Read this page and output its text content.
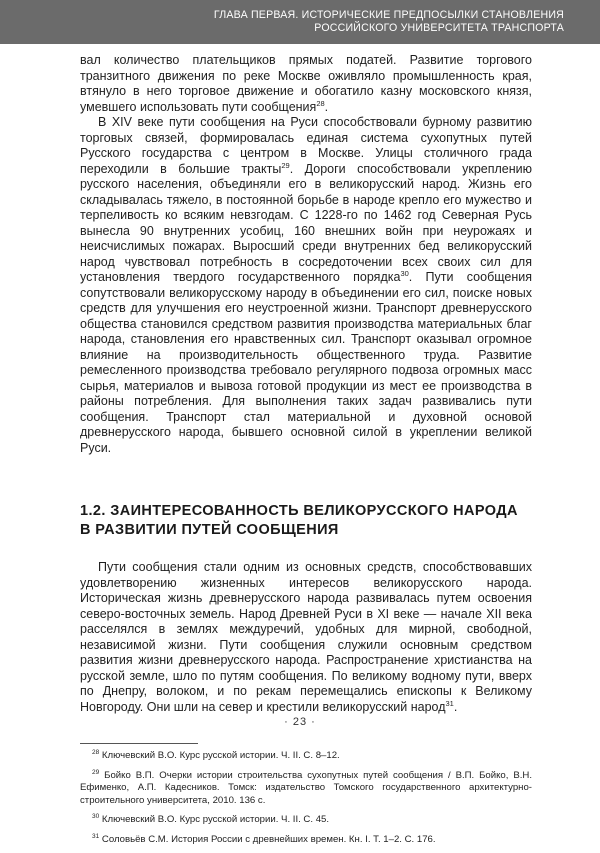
ГЛАВА ПЕРВАЯ. ИСТОРИЧЕСКИЕ ПРЕДПОСЫЛКИ СТАНОВЛЕНИЯ
РОССИЙСКОГО УНИВЕРСИТЕТА ТРАНСПОРТА

вал количество плательщиков прямых податей. Развитие торгового транзитного движения по реке Москве оживляло промышленность края, втянуло в него торговое движение и обогатило казну московского князя, умевшего использовать пути сообщения$^{28}$.

В XIV веке пути сообщения на Руси способствовали бурному развитию торговых связей, формировалась единая система сухопутных путей Русского государства с центром в Москве. Улицы столичного града переходили в большие тракты$^{29}$. Дороги способствовали укреплению русского населения, объединяли его в великорусский народ. Жизнь его складывалась тяжело, в постоянной борьбе в народе крепло его мужество и терпеливость ко всяким невзгодам. С 1228-го по 1462 год Северная Русь вынесла 90 внутренних усобиц, 160 внешних войн при неурожаях и неисчислимых пожарах. Выросший среди внутренних бед великорусский народ чувствовал потребность в сосредоточении всех своих сил для установления твердого государственного порядка$^{30}$. Пути сообщения сопутствовали великорусскому народу в объединении его сил, поиске новых средств для улучшения его неустроенной жизни. Транспорт древнерусского общества становился средством развития производства материальных благ народа, становления его нравственных сил. Транспорт оказывал огромное влияние на производительность общественного труда. Развитие ремесленного производства требовало регулярного подвоза огромных масс сырья, материалов и вывоза готовой продукции из мест ее производства в районы потребления. Для выполнения таких задач развивались пути сообщения. Транспорт стал материальной и духовной основой древнерусского народа, бывшего основной силой в укреплении великой Руси.

1.2. ЗАИНТЕРЕСОВАННОСТЬ ВЕЛИКОРУССКОГО НАРОДА
В РАЗВИТИИ ПУТЕЙ СООБЩЕНИЯ

Пути сообщения стали одним из основных средств, способствовавших удовлетворению жизненных интересов великорусского народа. Историческая жизнь древнерусского народа развивалась путем освоения северо-восточных земель. Народ Древней Руси в XI веке — начале XII века расселялся в землях междуречий, удобных для мирной, свободной, независимой жизни. Пути сообщения служили основным средством развития жизни древнерусского народа. Распространение христианства на русской земле, шло по путям сообщения. По великому водному пути, вверх по Днепру, волоком, и по рекам перемещались епископы к Великому Новгороду. Они шли на север и крестили великорусский народ$^{31}$.

$^{28}$ Ключевский В.О. Курс русской истории. Ч. II. С. 8–12.

$^{29}$ Бойко В.П. Очерки истории строительства сухопутных путей сообщения / В.П. Бойко, В.Н. Ефименко, А.П. Кадесников. Томск: издательство Томского государственного архитектурно-строительного университета, 2010. 136 с.

$^{30}$ Ключевский В.О. Курс русской истории. Ч. II. С. 45.

$^{31}$ Соловьёв С.М. История России с древнейших времен. Кн. I. Т. 1–2. С. 176.

· 23 ·
